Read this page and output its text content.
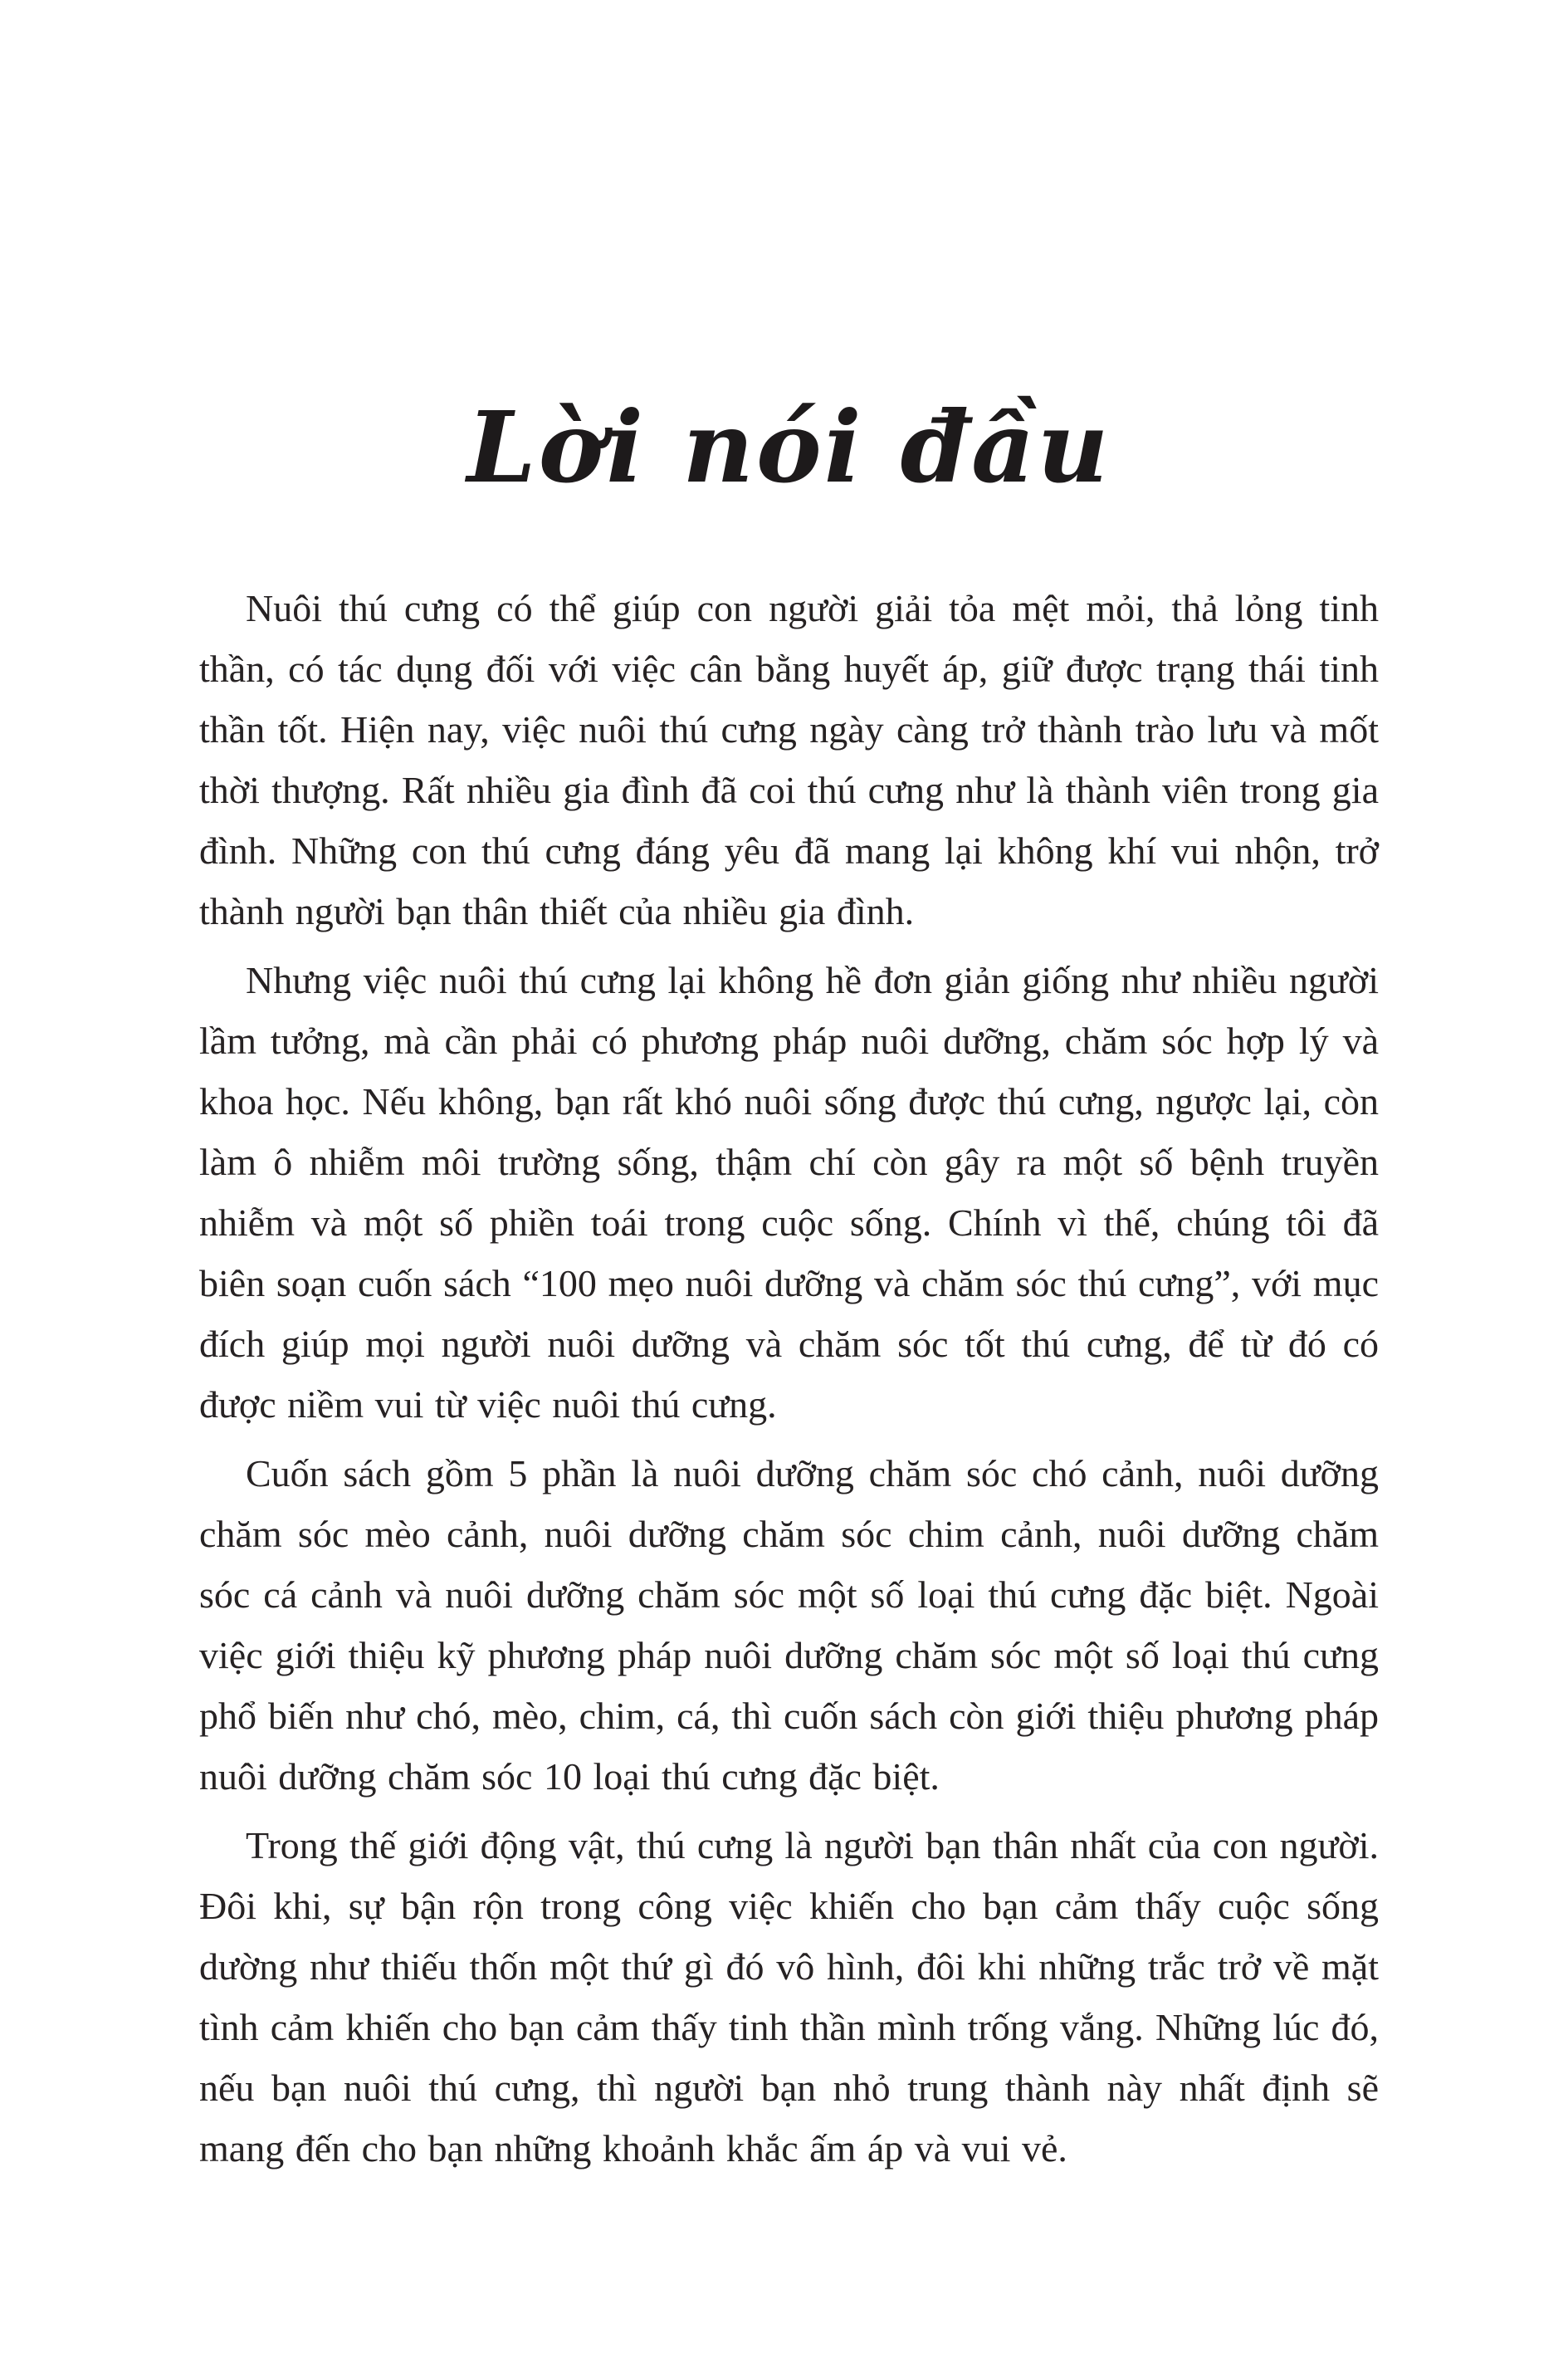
Lời nói đầu

Nuôi thú cưng có thể giúp con người giải tỏa mệt mỏi, thả lỏng tinh thần, có tác dụng đối với việc cân bằng huyết áp, giữ được trạng thái tinh thần tốt. Hiện nay, việc nuôi thú cưng ngày càng trở thành trào lưu và mốt thời thượng. Rất nhiều gia đình đã coi thú cưng như là thành viên trong gia đình. Những con thú cưng đáng yêu đã mang lại không khí vui nhộn, trở thành người bạn thân thiết của nhiều gia đình.

Nhưng việc nuôi thú cưng lại không hề đơn giản giống như nhiều người lầm tưởng, mà cần phải có phương pháp nuôi dưỡng, chăm sóc hợp lý và khoa học. Nếu không, bạn rất khó nuôi sống được thú cưng, ngược lại, còn làm ô nhiễm môi trường sống, thậm chí còn gây ra một số bệnh truyền nhiễm và một số phiền toái trong cuộc sống. Chính vì thế, chúng tôi đã biên soạn cuốn sách “100 mẹo nuôi dưỡng và chăm sóc thú cưng”, với mục đích giúp mọi người nuôi dưỡng và chăm sóc tốt thú cưng, để từ đó có được niềm vui từ việc nuôi thú cưng.

Cuốn sách gồm 5 phần là nuôi dưỡng chăm sóc chó cảnh, nuôi dưỡng chăm sóc mèo cảnh, nuôi dưỡng chăm sóc chim cảnh, nuôi dưỡng chăm sóc cá cảnh và nuôi dưỡng chăm sóc một số loại thú cưng đặc biệt. Ngoài việc giới thiệu kỹ phương pháp nuôi dưỡng chăm sóc một số loại thú cưng phổ biến như chó, mèo, chim, cá, thì cuốn sách còn giới thiệu phương pháp nuôi dưỡng chăm sóc 10 loại thú cưng đặc biệt.

Trong thế giới động vật, thú cưng là người bạn thân nhất của con người. Đôi khi, sự bận rộn trong công việc khiến cho bạn cảm thấy cuộc sống dường như thiếu thốn một thứ gì đó vô hình, đôi khi những trắc trở về mặt tình cảm khiến cho bạn cảm thấy tinh thần mình trống vắng. Những lúc đó, nếu bạn nuôi thú cưng, thì người bạn nhỏ trung thành này nhất định sẽ mang đến cho bạn những khoảnh khắc ấm áp và vui vẻ.
